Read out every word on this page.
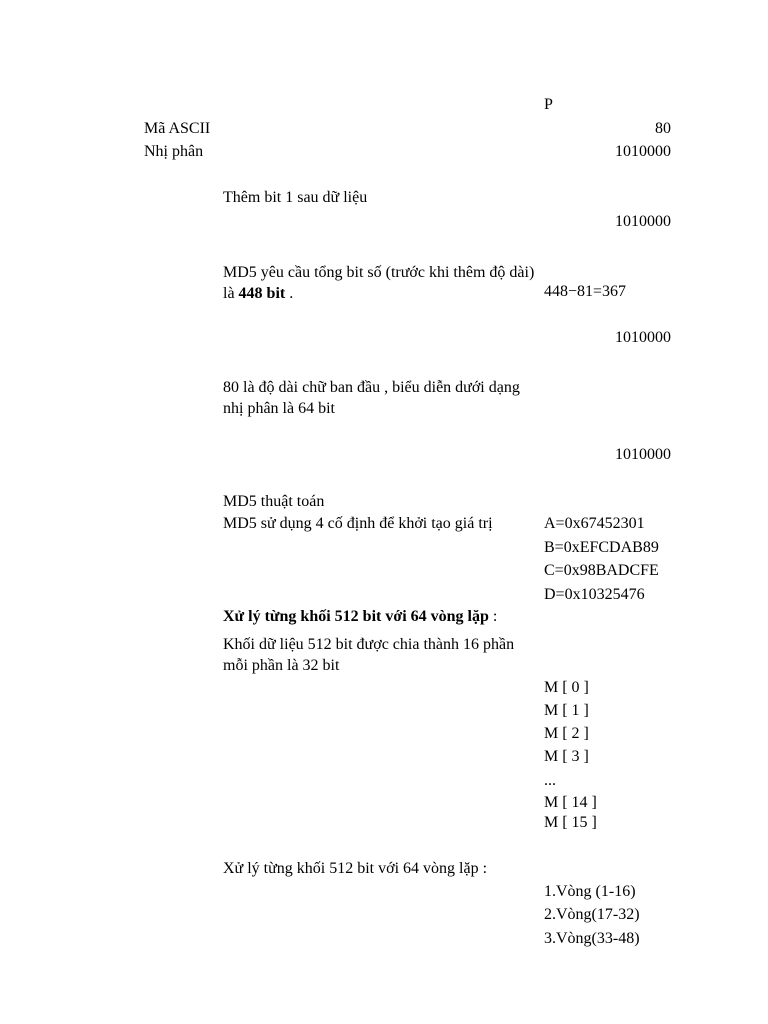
P
Mã ASCII	80
Nhị phân	1010000
Thêm bit 1 sau dữ liệu
1010000
MD5 yêu cầu tổng bit số (trước khi thêm độ dài) là 448 bit .	448−81=367
1010000
80 là độ dài chữ ban đầu , biểu diễn dưới dạng nhị phân là 64 bit
1010000
MD5 thuật toán
MD5 sử dụng 4 cố định để khởi tạo giá trị	A=0x67452301
B=0xEFCDAB89
C=0x98BADCFE
D=0x10325476
Xử lý từng khối 512 bit với 64 vòng lặp :
Khối dữ liệu 512 bit được chia thành 16 phần mỗi phần là 32 bit
M [ 0 ]
M [ 1 ]
M [ 2 ]
M [ 3 ]
...
M [ 14 ]
M [ 15 ]
Xử lý từng khối 512 bit với 64 vòng lặp :
1.Vòng (1-16)
2.Vòng(17-32)
3.Vòng(33-48)
